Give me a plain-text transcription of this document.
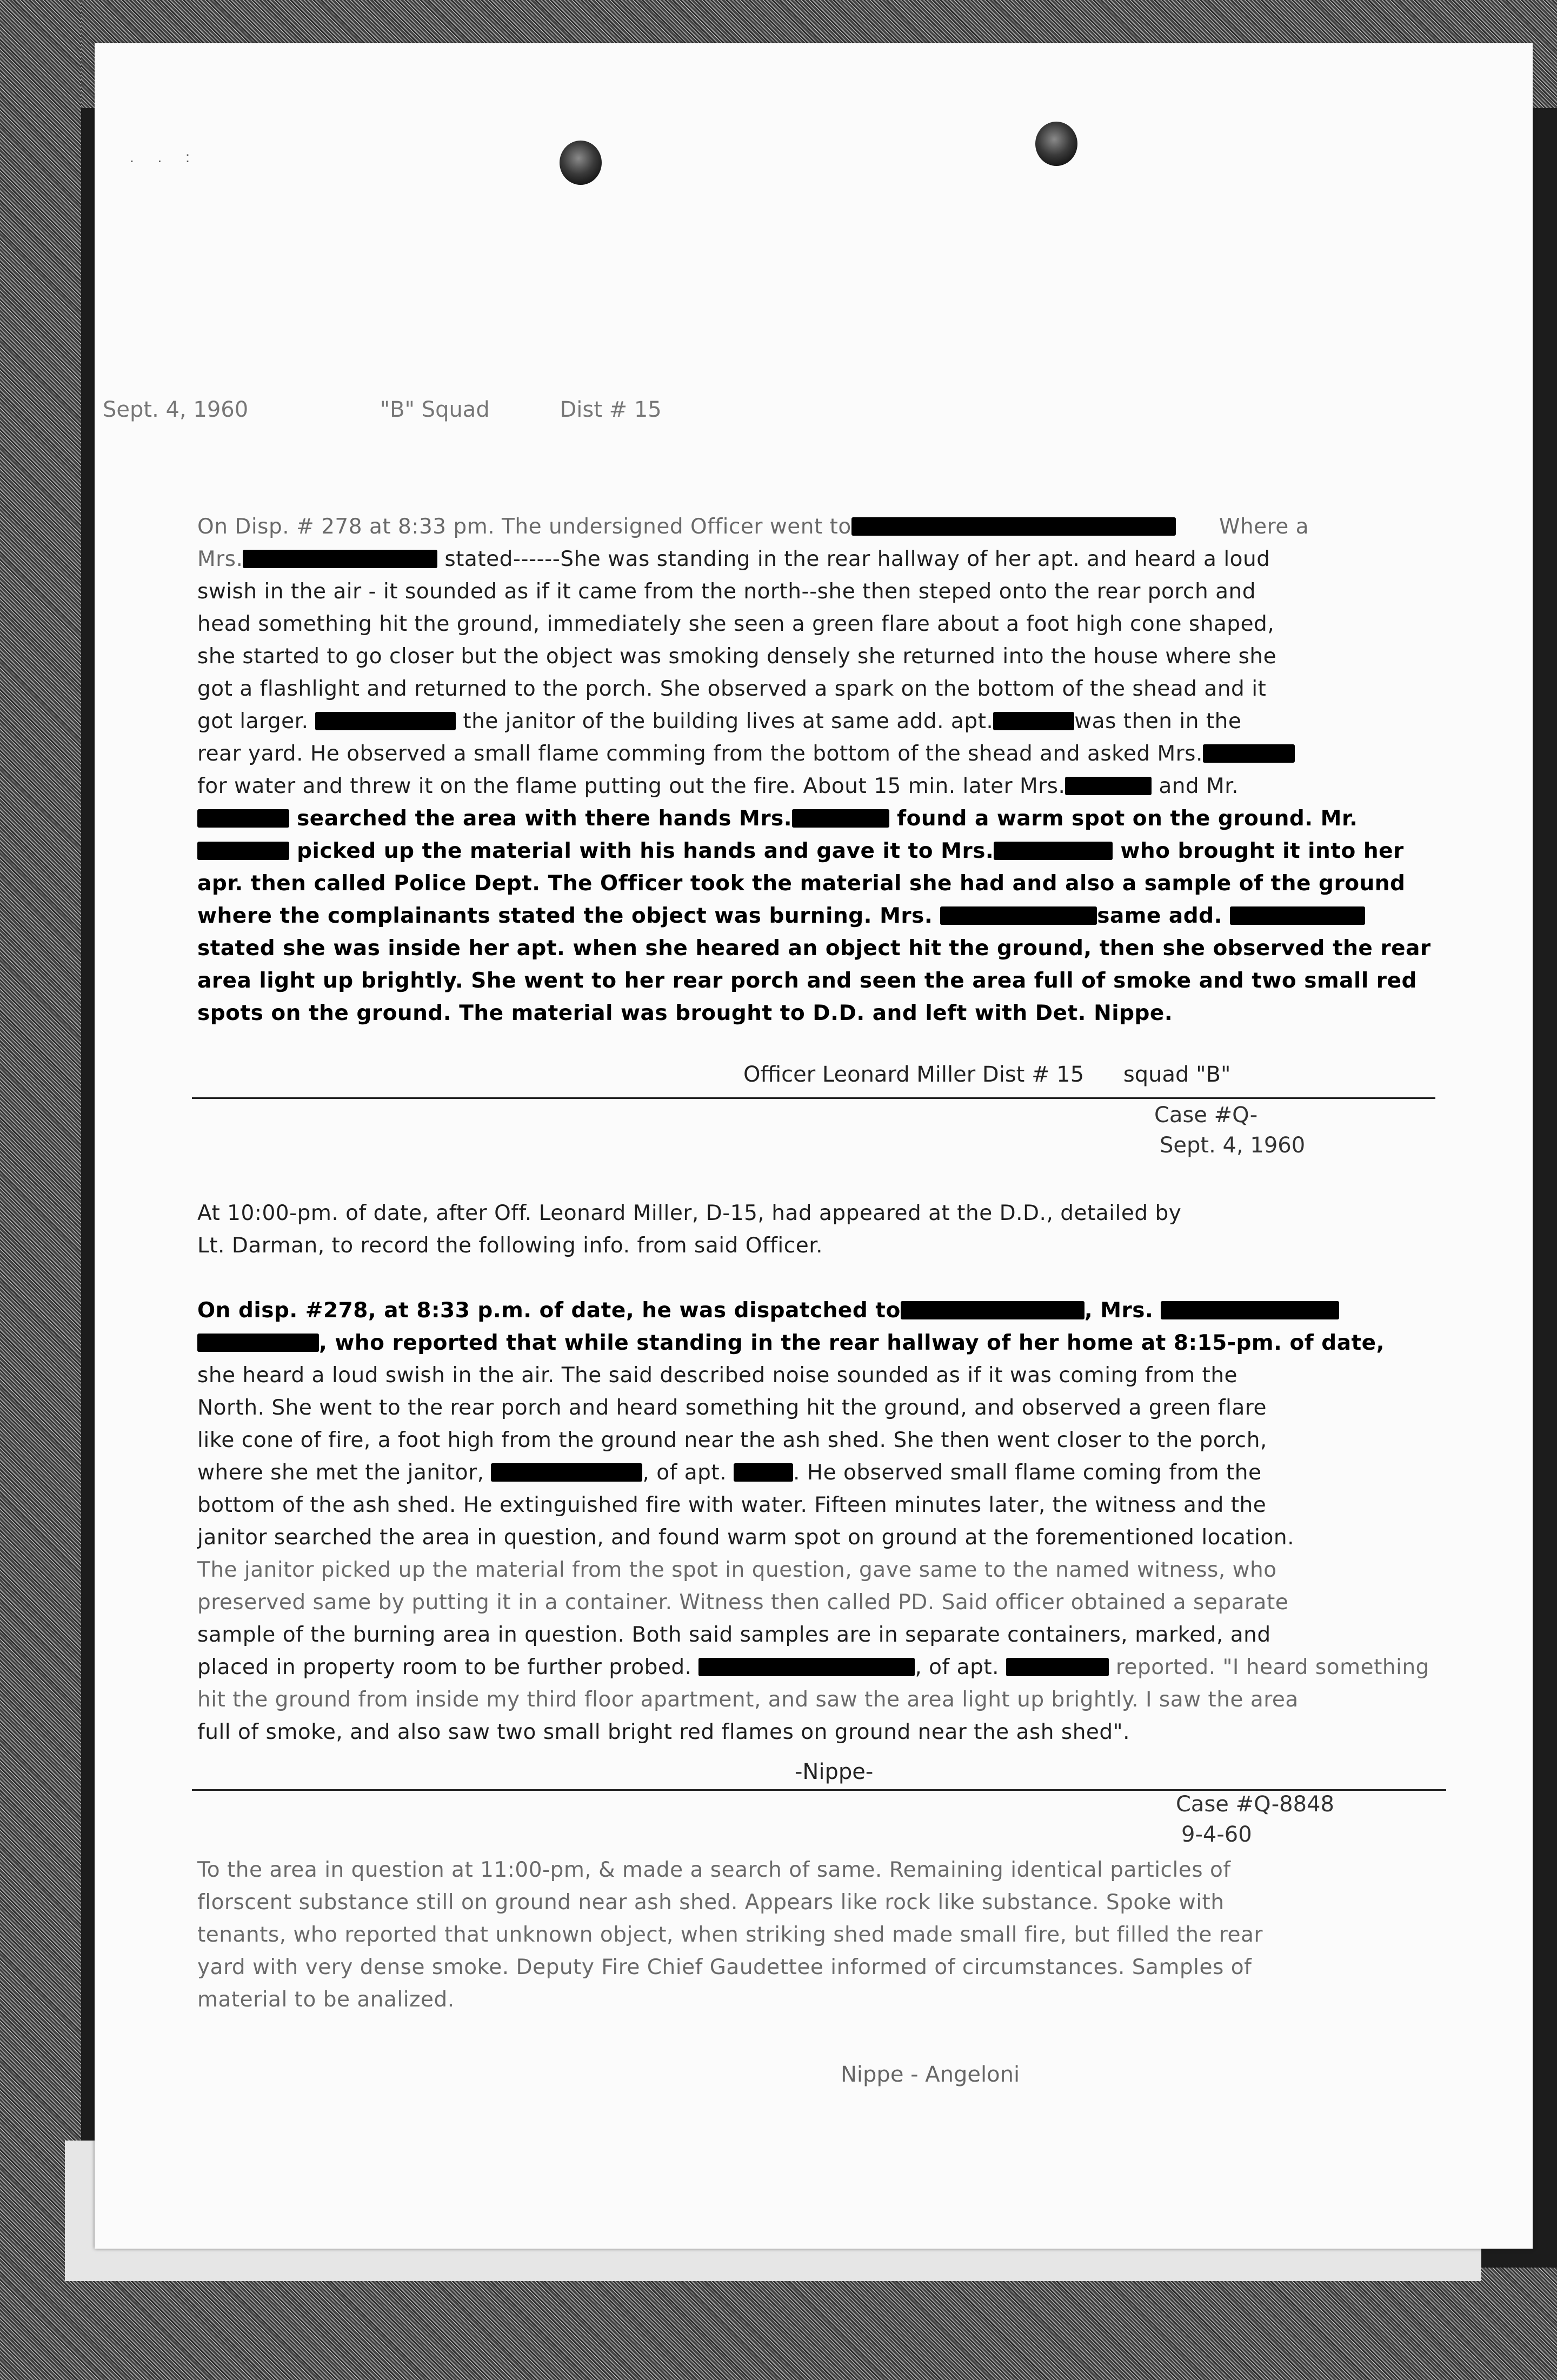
. . :
Sept. 4, 1960	"B" Squad	Dist # 15

On Disp. # 278 at 8:33 pm. The undersigned Officer went to	Where a

Mrs.	stated------She was standing in the rear hallway of her apt. and heard a loud

swish in the air - it sounded as if it came from the north--she then steped onto the rear porch and

head something hit the ground, immediately she seen a green flare about a foot high cone shaped,

she started to go closer but the object was smoking densely she returned into the house where she

got a flashlight and returned to the porch. She observed a spark on the bottom of the shead and it

got larger.	the janitor of the building lives at same add. apt.	was then in the

rear yard. He observed a small flame comming from the bottom of the shead and asked Mrs.

for water and threw it on the flame putting out the fire. About 15 min. later Mrs.	and Mr.

searched the area with there hands Mrs.	found a warm spot on the ground. Mr.

picked up the material with his hands and gave it to Mrs.	who brought it into her

apr. then called Police Dept. The Officer took the material she had and also a sample of the ground

where the complainants stated the object was burning. Mrs.	same add.

stated she was inside her apt. when she heared an object hit the ground, then she observed the rear

area light up brightly. She went to her rear porch and seen the area full of smoke and two small red

spots on the ground. The material was brought to D.D. and left with Det. Nippe.

Officer Leonard Miller Dist # 15 squad "B"
Case #Q-
Sept. 4, 1960

At 10:00-pm. of date, after Off. Leonard Miller, D-15, had appeared at the D.D., detailed by

Lt. Darman, to record the following info. from said Officer.

On disp. #278, at 8:33 p.m. of date, he was dispatched to	, Mrs.

, who reported that while standing in the rear hallway of her home at 8:15-pm. of date,

she heard a loud swish in the air. The said described noise sounded as if it was coming from the

North. She went to the rear porch and heard something hit the ground, and observed a green flare

like cone of fire, a foot high from the ground near the ash shed. She then went closer to the porch,

where she met the janitor,	, of apt.	. He observed small flame coming from the

bottom of the ash shed. He extinguished fire with water. Fifteen minutes later, the witness and the

janitor searched the area in question, and found warm spot on ground at the forementioned location.

The janitor picked up the material from the spot in question, gave same to the named witness, who

preserved same by putting it in a container. Witness then called PD. Said officer obtained a separate

sample of the burning area in question. Both said samples are in separate containers, marked, and

placed in property room to be further probed.	, of apt.	reported. "I heard something

hit the ground from inside my third floor apartment, and saw the area light up brightly. I saw the area

full of smoke, and also saw two small bright red flames on ground near the ash shed".

-Nippe-
Case #Q-8848
9-4-60

To the area in question at 11:00-pm, & made a search of same. Remaining identical particles of

florscent substance still on ground near ash shed. Appears like rock like substance. Spoke with

tenants, who reported that unknown object, when striking shed made small fire, but filled the rear

yard with very dense smoke. Deputy Fire Chief Gaudettee informed of circumstances. Samples of

material to be analized.

Nippe - Angeloni
